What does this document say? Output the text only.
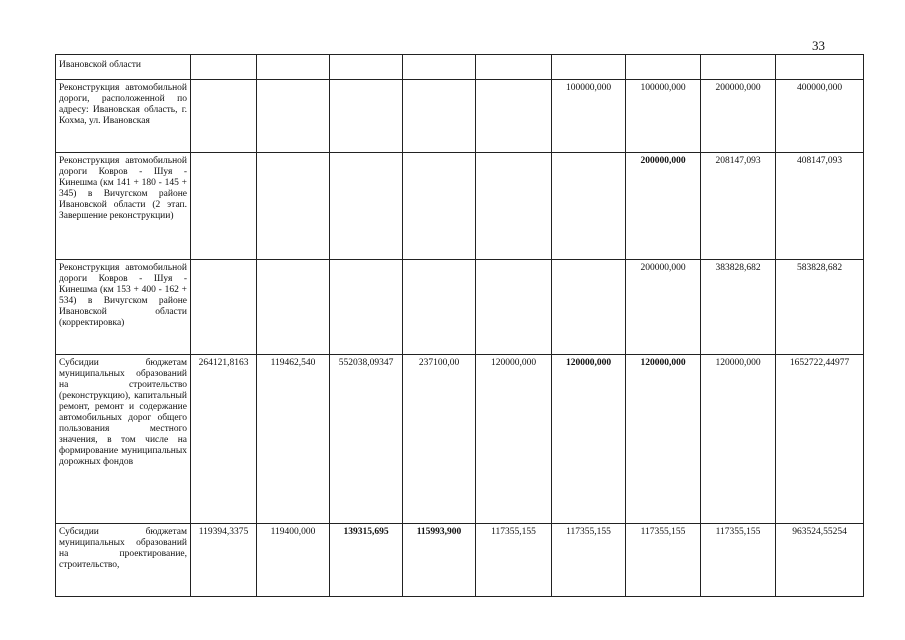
33
Ивановской области									
Реконструкция автомобильной дороги, расположенной по адресу: Ивановская область, г. Кохма, ул. Ивановская						100000,000	100000,000	200000,000	400000,000
Реконструкция автомобильной дороги Ковров - Шуя - Кинешма (км 141 + 180 - 145 + 345) в Вичугском районе Ивановской области (2 этап. Завершение реконструкции)							200000,000	208147,093	408147,093
Реконструкция автомобильной дороги Ковров - Шуя - Кинешма (км 153 + 400 - 162 + 534) в Вичугском районе Ивановской области (корректировка)							200000,000	383828,682	583828,682
Субсидии бюджетам муниципальных образований на строительство (реконструкцию), капитальный ремонт, ремонт и содержание автомобильных дорог общего пользования местного значения, в том числе на формирование муниципальных дорожных фондов	264121,8163	119462,540	552038,09347	237100,00	120000,000	120000,000	120000,000	120000,000	1652722,44977
Субсидии бюджетам муниципальных образований на проектирование, строительство,	119394,3375	119400,000	139315,695	115993,900	117355,155	117355,155	117355,155	117355,155	963524,55254
